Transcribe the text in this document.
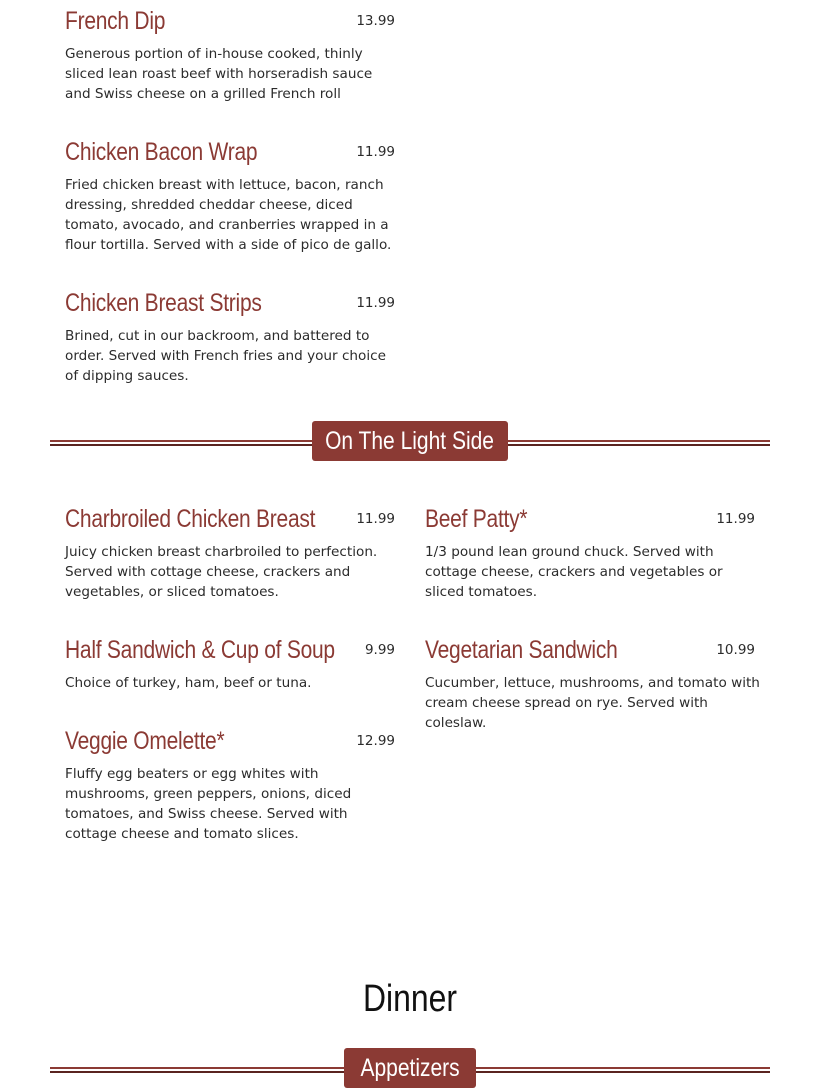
French Dip	13.99
Generous portion of in-house cooked, thinly sliced lean roast beef with horseradish sauce and Swiss cheese on a grilled French roll
Chicken Bacon Wrap	11.99
Fried chicken breast with lettuce, bacon, ranch dressing, shredded cheddar cheese, diced tomato, avocado, and cranberries wrapped in a flour tortilla. Served with a side of pico de gallo.
Chicken Breast Strips	11.99
Brined, cut in our backroom, and battered to order. Served with French fries and your choice of dipping sauces.
On The Light Side
Charbroiled Chicken Breast	11.99
Juicy chicken breast charbroiled to perfection. Served with cottage cheese, crackers and vegetables, or sliced tomatoes.
Half Sandwich & Cup of Soup 9.99
Choice of turkey, ham, beef or tuna.
Veggie Omelette*	12.99
Fluffy egg beaters or egg whites with mushrooms, green peppers, onions, diced tomatoes, and Swiss cheese. Served with cottage cheese and tomato slices.
Beef Patty*	11.99
1/3 pound lean ground chuck. Served with cottage cheese, crackers and vegetables or sliced tomatoes.
Vegetarian Sandwich	10.99
Cucumber, lettuce, mushrooms, and tomato with cream cheese spread on rye. Served with coleslaw.
Dinner
Appetizers
